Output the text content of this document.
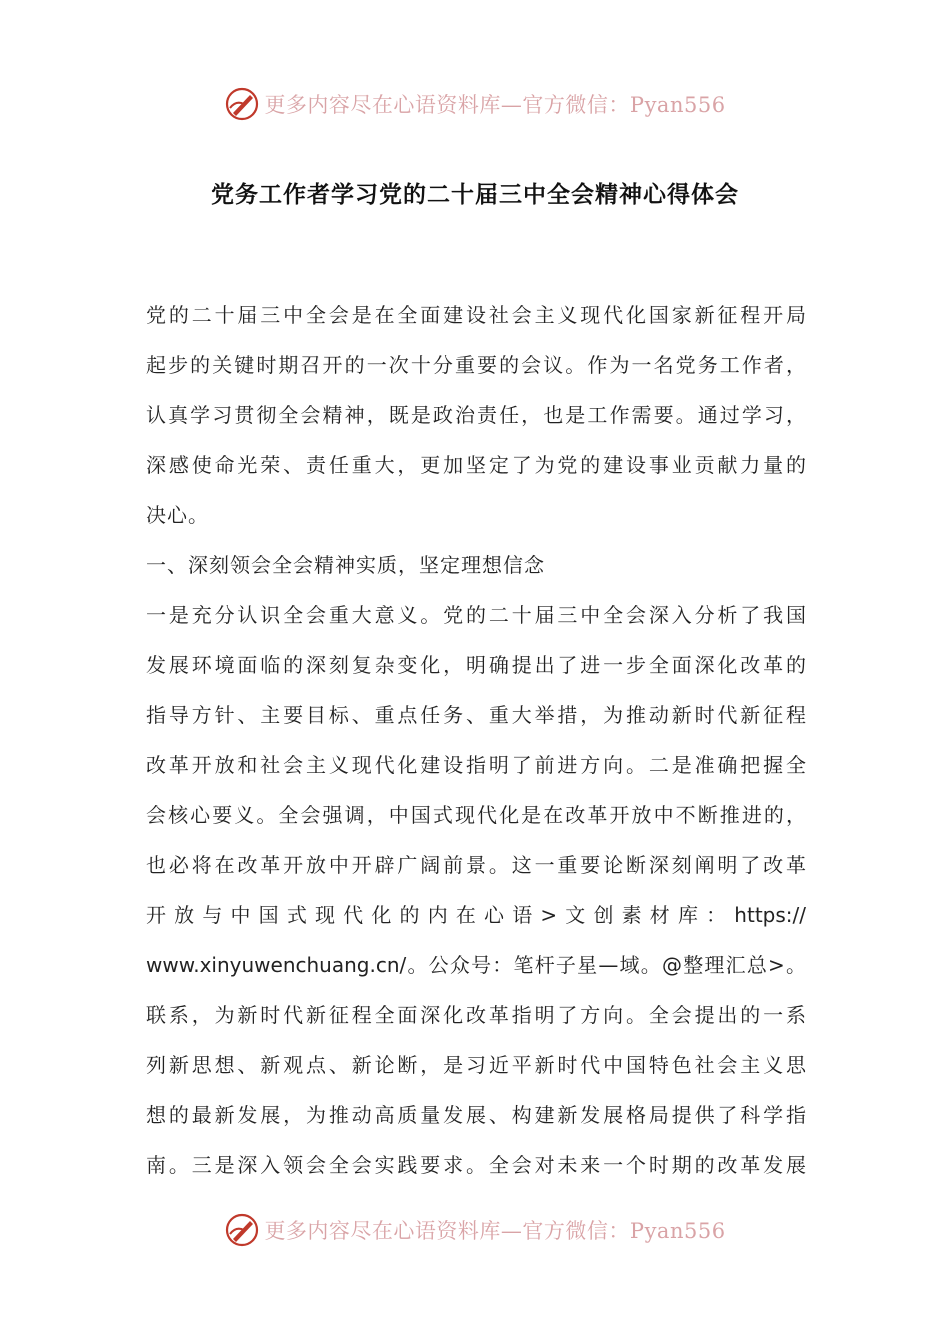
更多内容尽在心语资料库—官方微信：Pyan556
党务工作者学习党的二十届三中全会精神心得体会
党的二十届三中全会是在全面建设社会主义现代化国家新征程开局
起步的关键时期召开的一次十分重要的会议。作为一名党务工作者，
认真学习贯彻全会精神，既是政治责任，也是工作需要。通过学习，
深感使命光荣、责任重大，更加坚定了为党的建设事业贡献力量的
决心。
一、深刻领会全会精神实质，坚定理想信念
一是充分认识全会重大意义。党的二十届三中全会深入分析了我国
发展环境面临的深刻复杂变化，明确提出了进一步全面深化改革的
指导方针、主要目标、重点任务、重大举措，为推动新时代新征程
改革开放和社会主义现代化建设指明了前进方向。二是准确把握全
会核心要义。全会强调，中国式现代化是在改革开放中不断推进的，
也必将在改革开放中开辟广阔前景。这一重要论断深刻阐明了改革
开放与中国式现代化的内在心语>文创素材库：https://
www.xinyuwenchuang.cn/。公众号：笔杆子星—域。@整理汇总>。
联系，为新时代新征程全面深化改革指明了方向。全会提出的一系
列新思想、新观点、新论断，是习近平新时代中国特色社会主义思
想的最新发展，为推动高质量发展、构建新发展格局提供了科学指
南。三是深入领会全会实践要求。全会对未来一个时期的改革发展
更多内容尽在心语资料库—官方微信：Pyan556
